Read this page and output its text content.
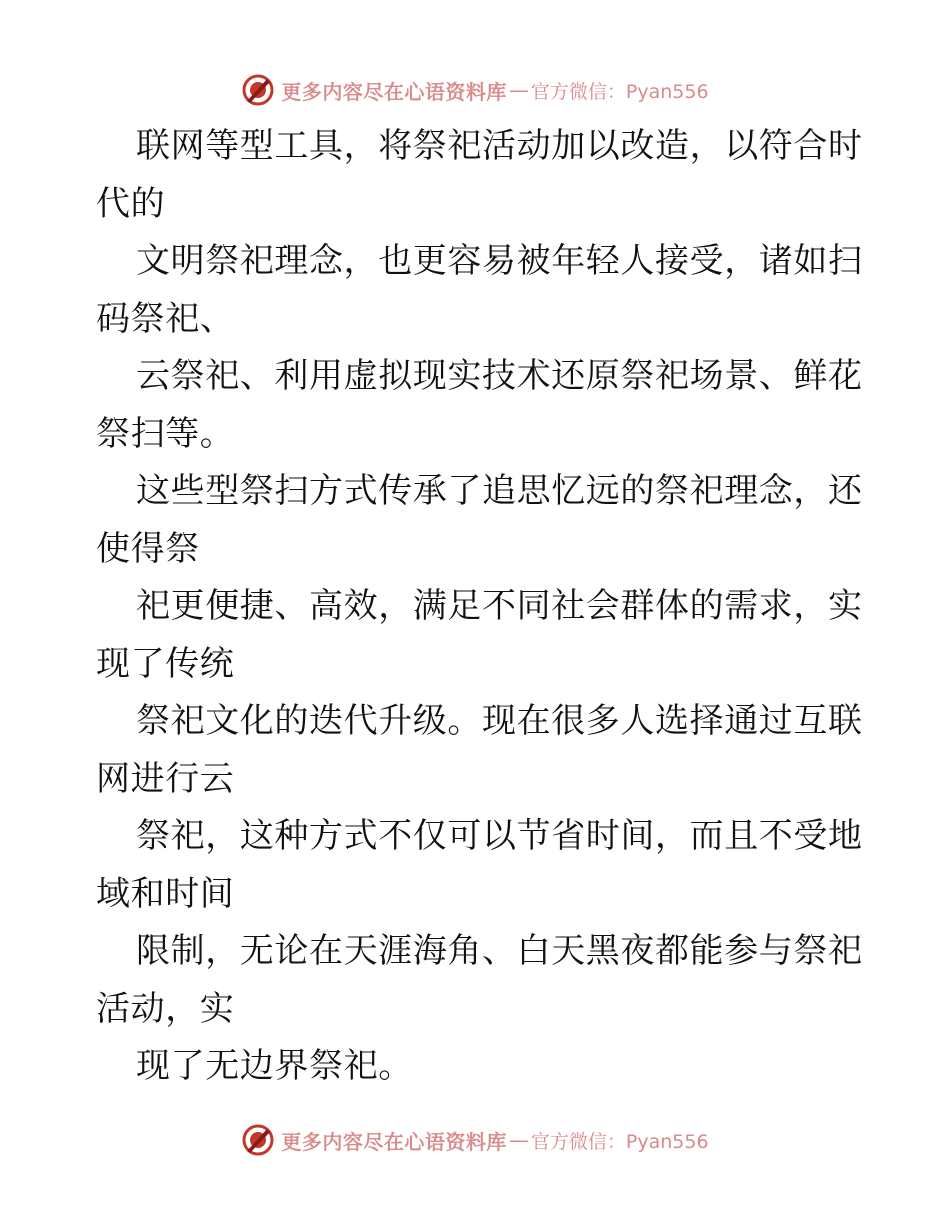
更多内容尽在心语资料库 — 官方微信：Pyan556

联网等型工具，将祭祀活动加以改造，以符合时
代的

文明祭祀理念，也更容易被年轻人接受，诸如扫
码祭祀、

云祭祀、利用虚拟现实技术还原祭祀场景、鲜花
祭扫等。

这些型祭扫方式传承了追思忆远的祭祀理念，还
使得祭

祀更便捷、高效，满足不同社会群体的需求，实
现了传统

祭祀文化的迭代升级。现在很多人选择通过互联
网进行云

祭祀，这种方式不仅可以节省时间，而且不受地
域和时间

限制，无论在天涯海角、白天黑夜都能参与祭祀
活动，实

现了无边界祭祀。

更多内容尽在心语资料库 — 官方微信：Pyan556
